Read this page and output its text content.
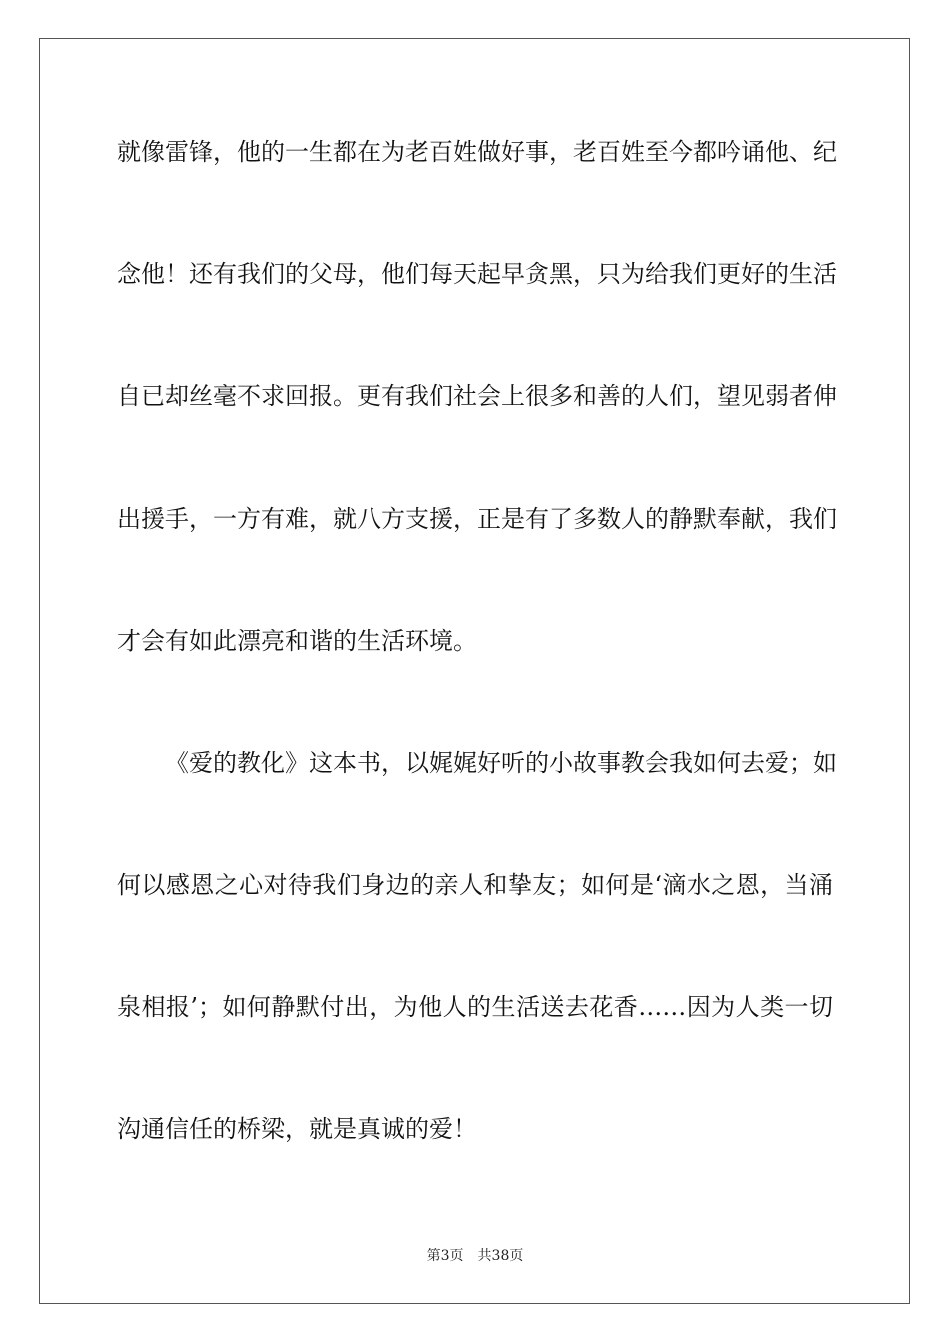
就像雷锋，他的一生都在为老百姓做好事，老百姓至今都吟诵他、纪
念他！还有我们的父母，他们每天起早贪黑，只为给我们更好的生活
自已却丝毫不求回报。更有我们社会上很多和善的人们，望见弱者伸
出援手，一方有难，就八方支援，正是有了多数人的静默奉献，我们
才会有如此漂亮和谐的生活环境。
《爱的教化》这本书，以娓娓好听的小故事教会我如何去爱；如
何以感恩之心对待我们身边的亲人和挚友；如何是‘滴水之恩，当涌
泉相报’；如何静默付出，为他人的生活送去花香……因为人类一切
沟通信任的桥梁，就是真诚的爱！
第3页　共38页
